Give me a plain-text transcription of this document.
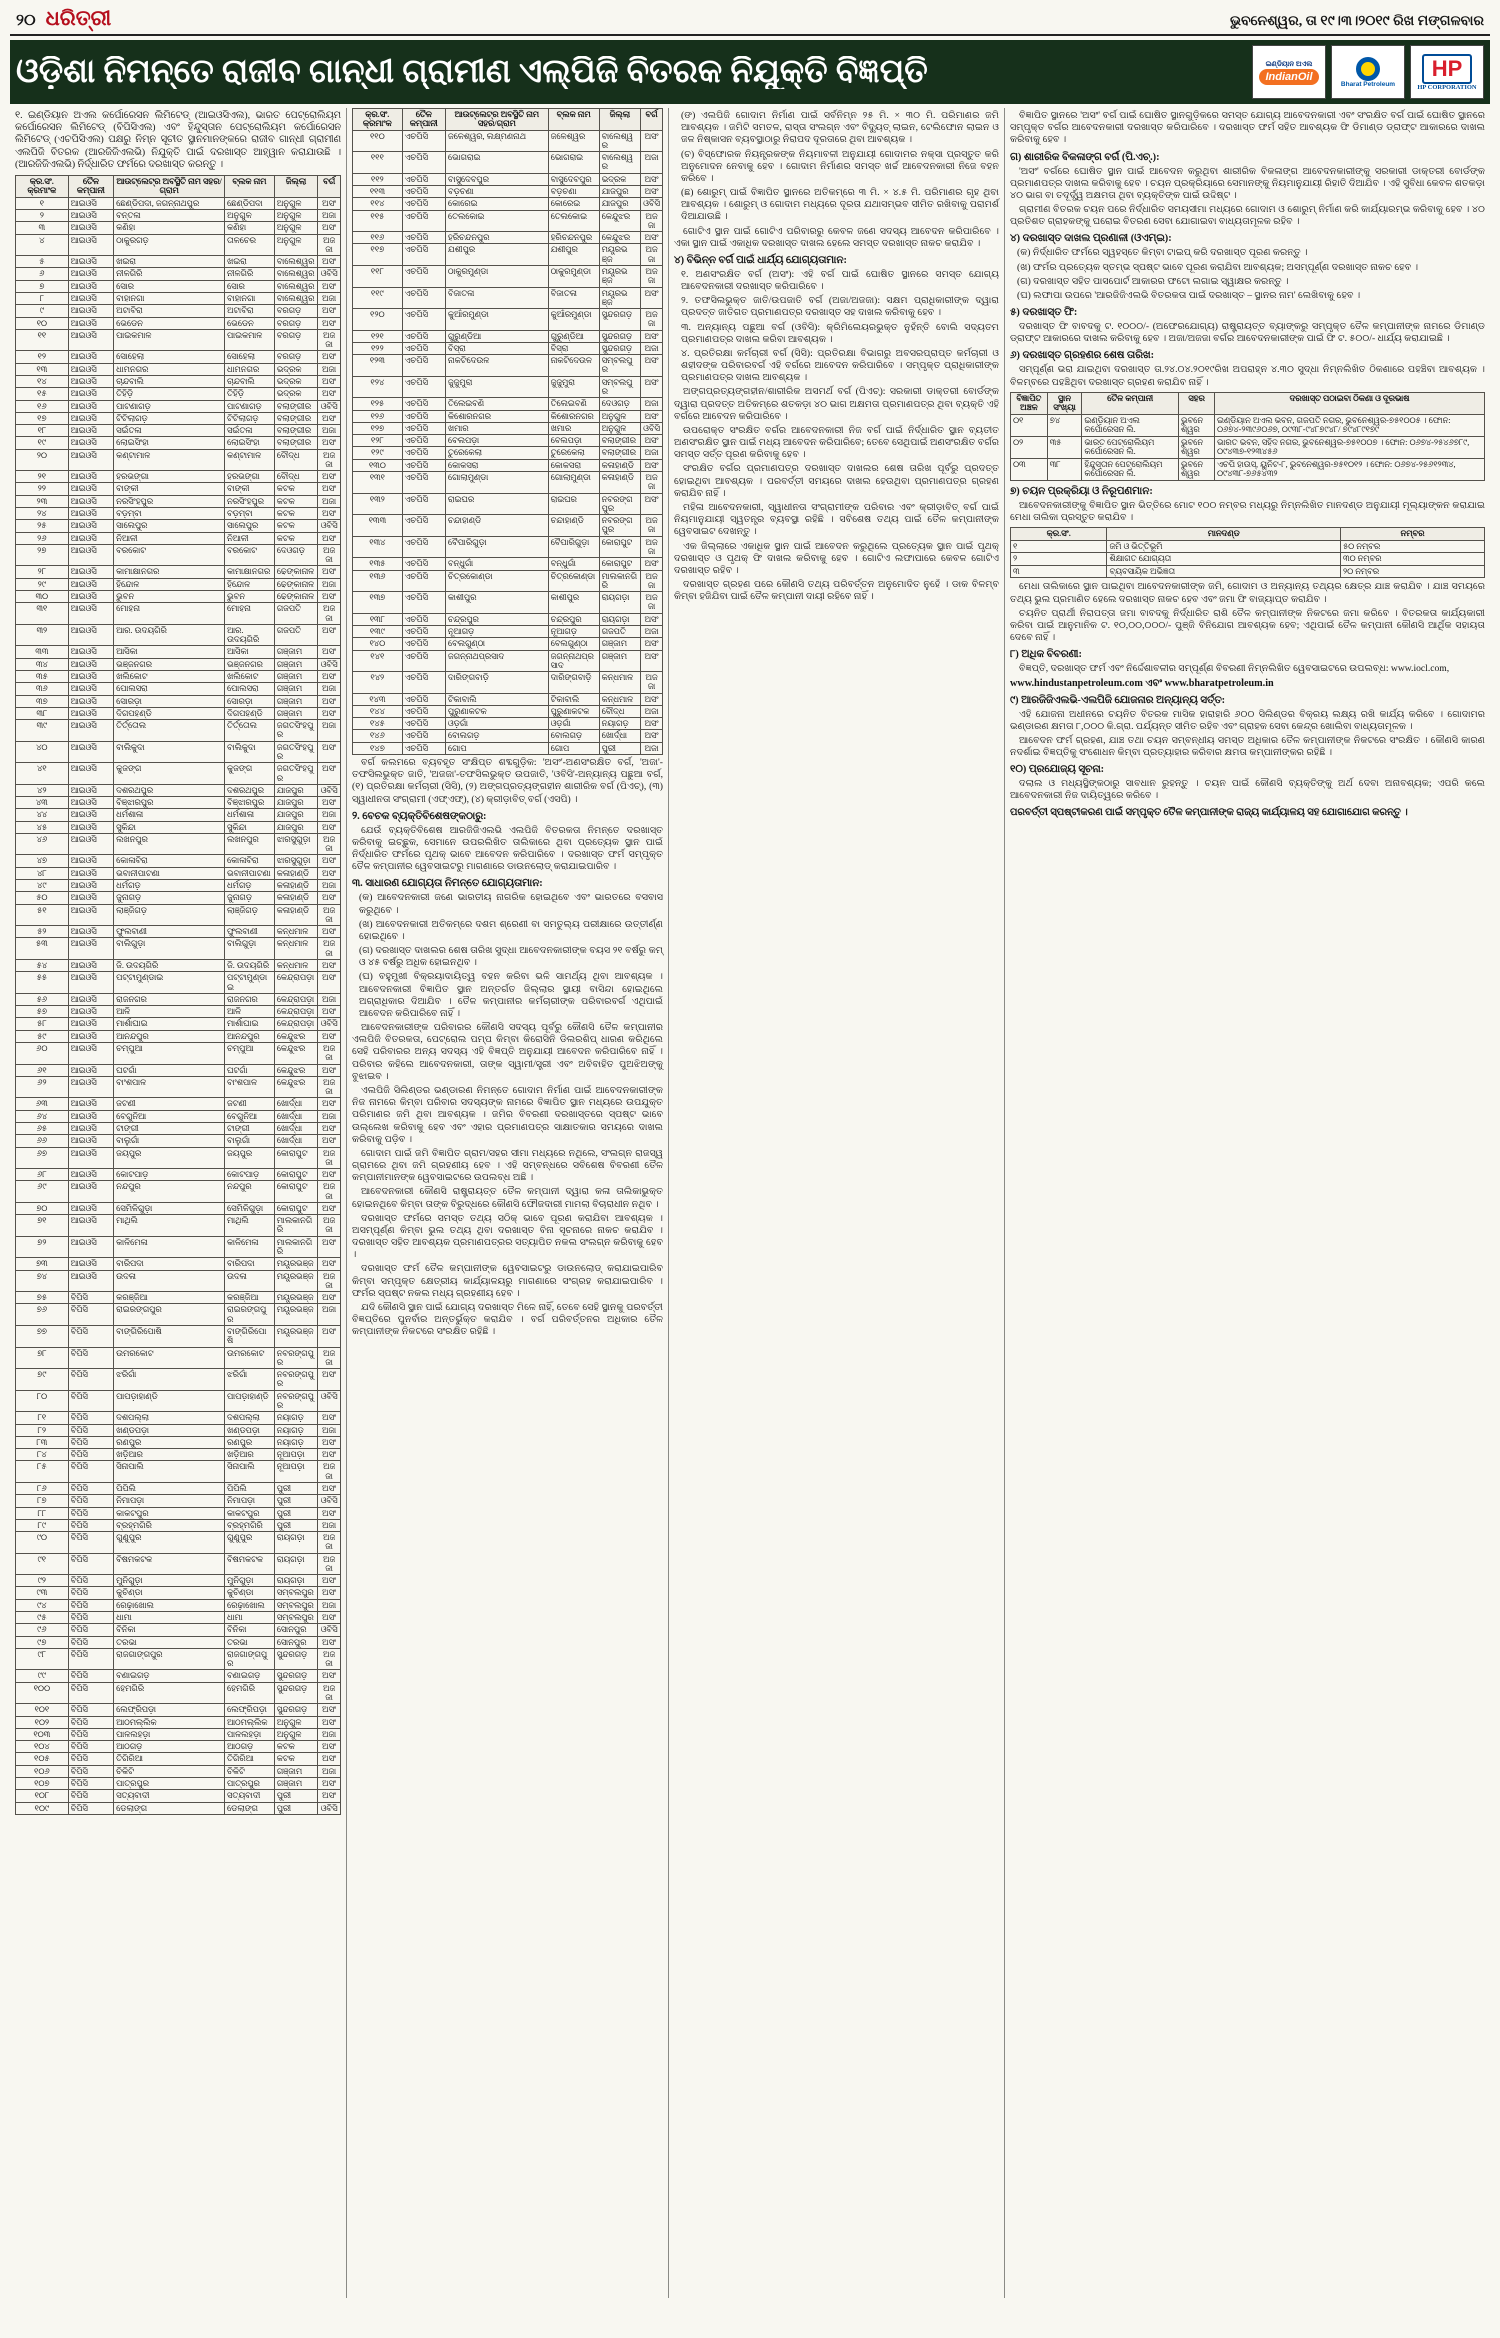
୨୦ ଧରିତ୍ରୀ	ଭୁବନେଶ୍ୱର, ତା ୧୯।୩।୨୦୧୯ ରିଖ ମଙ୍ଗଳବାର
ଓଡ଼ିଶା ନିମନ୍ତେ ରାଜୀବ ଗାନ୍ଧୀ ଗ୍ରାମୀଣ ଏଲ୍‌ପିଜି ବିତରକ ନିଯୁକ୍ତି ବିଜ୍ଞପ୍ତି	ଇଣ୍ଡିୟାନ ଅଏଲ
IndianOil
Bharat Petroleum
HP
HP CORPORATION
୧. ଇଣ୍ଡିୟାନ ଅଏଲ କର୍ପୋରେସନ ଲିମିଟେଡ୍ (ଆଇଓସିଏଲ), ଭାରତ ପେଟ୍ରୋଲିୟମ କର୍ପୋରେସନ ଲିମିଟେଡ୍ (ବିପିସିଏଲ) ଏବଂ ହିନ୍ଦୁସ୍ତାନ ପେଟ୍ରୋଲିୟମ କର୍ପୋରେସନ ଲିମିଟେଡ୍ (ଏଚପିସିଏଲ) ପକ୍ଷରୁ ନିମ୍ନ ସୂଚୀତ ସ୍ଥାନମାନଙ୍କରେ ରାଜୀବ ଗାନ୍ଧୀ ଗ୍ରାମୀଣ ଏଲପିଜି ବିତରକ (ଆରଜିଜିଏଲଭି) ନିଯୁକ୍ତି ପାଇଁ ଦରଖାସ୍ତ ଆହ୍ୱାନ କରାଯାଉଛି । (ଆରଜିଜିଏଲଭି) ନିର୍ଦ୍ଧାରିତ ଫର୍ମରେ ଦରଖାସ୍ତ କରନ୍ତୁ ।
କ୍ର.ସଂ. କ୍ରମାଂକ	ତୈଳ କମ୍ପାନୀ	ଆଉଟ୍‌ଲେଟ୍‌ର ଅବସ୍ଥିତି ନାମ ସହର/ଗ୍ରାମ	ବ୍ଲକ ନାମ	ଜିଲ୍ଲା	ବର୍ଗ
୧	ଆଇଓସି	ଛେଣ୍ଡିପଦା, ଜଗନ୍ନାଥପୁର	ଛେଣ୍ଡିପଦା	ଅନୁଗୁଳ	ଅସଂ
୨	ଆଇଓସି	ବନ୍ତଳା	ଅନୁଗୁଳ	ଅନୁଗୁଳ	ଅଜା
୩	ଆଇଓସି	କଣିହା	କଣିହା	ଅନୁଗୁଳ	ଅସଂ
୪	ଆଇଓସି	ଠାକୁରଗଡ଼	ତାଳଚେର	ଅନୁଗୁଳ	ଅଜଜା
୫	ଆଇଓସି	ଖଇରା	ଖଇରା	ବାଲେଶ୍ୱର	ଅସଂ
୬	ଆଇଓସି	ନୀଳଗିରି	ନୀଳଗିରି	ବାଲେଶ୍ୱର	ଓବିସି
୭	ଆଇଓସି	ସୋର	ସୋର	ବାଲେଶ୍ୱର	ଅସଂ
୮	ଆଇଓସି	ବାହାନଗା	ବାହାନଗା	ବାଲେଶ୍ୱର	ଅଜା
୯	ଆଇଓସି	ଅଟାବିରା	ଅଟାବିରା	ବରଗଡ଼	ଅସଂ
୧୦	ଆଇଓସି	ଭେଡେନ	ଭେଡେନ	ବରଗଡ଼	ଅସଂ
୧୧	ଆଇଓସି	ପାଇକମାଳ	ପାଇକମାଳ	ବରଗଡ଼	ଅଜଜା
୧୨	ଆଇଓସି	ସୋହେଲା	ସୋହେଲା	ବରଗଡ଼	ଅସଂ
୧୩	ଆଇଓସି	ଧାମନଗର	ଧାମନଗର	ଭଦ୍ରକ	ଅଜା
୧୪	ଆଇଓସି	ଚାନ୍ଦବାଲି	ଚାନ୍ଦବାଲି	ଭଦ୍ରକ	ଅସଂ
୧୫	ଆଇଓସି	ତିହିଡ଼ି	ତିହିଡ଼ି	ଭଦ୍ରକ	ଅସଂ
୧୬	ଆଇଓସି	ପାଟଣାଗଡ଼	ପାଟଣାଗଡ଼	ବଲାଙ୍ଗୀର	ଓବିସି
୧୭	ଆଇଓସି	ଟିଟିଲାଗଡ଼	ଟିଟିଲାଗଡ଼	ବଲାଙ୍ଗୀର	ଅସଂ
୧୮	ଆଇଓସି	ସଇଁତଳା	ସଇଁତଳା	ବଲାଙ୍ଗୀର	ଅଜା
୧୯	ଆଇଓସି	ଲୋଇସିଂହା	ଲୋଇସିଂହା	ବଲାଙ୍ଗୀର	ଅସଂ
୨୦	ଆଇଓସି	କଣ୍ଟାମାଳ	କଣ୍ଟାମାଳ	ବୌଦ୍ଧ	ଅଜଜା
୨୧	ଆଇଓସି	ହରଭଙ୍ଗା	ହରଭଙ୍ଗା	ବୌଦ୍ଧ	ଅସଂ
୨୨	ଆଇଓସି	ବାଙ୍କୀ	ବାଙ୍କୀ	କଟକ	ଅସଂ
୨୩	ଆଇଓସି	ନରସିଂହପୁର	ନରସିଂହପୁର	କଟକ	ଅଜା
୨୪	ଆଇଓସି	ବଡ଼ମ୍ବା	ବଡ଼ମ୍ବା	କଟକ	ଅସଂ
୨୫	ଆଇଓସି	ସାଲେପୁର	ସାଲେପୁର	କଟକ	ଓବିସି
୨୬	ଆଇଓସି	ନିଆଳୀ	ନିଆଳୀ	କଟକ	ଅସଂ
୨୭	ଆଇଓସି	ବରକୋଟ	ବରକୋଟ	ଦେଓଗଡ଼	ଅଜଜା
୨୮	ଆଇଓସି	କାମାକ୍ଷାନଗର	କାମାକ୍ଷାନଗର	ଢେଙ୍କାନାଳ	ଅସଂ
୨୯	ଆଇଓସି	ହିନ୍ଦୋଳ	ହିନ୍ଦୋଳ	ଢେଙ୍କାନାଳ	ଅଜା
୩୦	ଆଇଓସି	ଭୁବନ	ଭୁବନ	ଢେଙ୍କାନାଳ	ଅସଂ
୩୧	ଆଇଓସି	ମୋହନା	ମୋହନା	ଗଜପତି	ଅଜଜା
୩୨	ଆଇଓସି	ଆର. ଉଦୟଗିରି	ଆର. ଉଦୟଗିରି	ଗଜପତି	ଅସଂ
୩୩	ଆଇଓସି	ଆସିକା	ଆସିକା	ଗଞ୍ଜାମ	ଅସଂ
୩୪	ଆଇଓସି	ଭଞ୍ଜନଗର	ଭଞ୍ଜନଗର	ଗଞ୍ଜାମ	ଓବିସି
୩୫	ଆଇଓସି	ଖଲିକୋଟ	ଖଲିକୋଟ	ଗଞ୍ଜାମ	ଅସଂ
୩୬	ଆଇଓସି	ପୋଲସରା	ପୋଲସରା	ଗଞ୍ଜାମ	ଅଜା
୩୭	ଆଇଓସି	ସୋରଡ଼ା	ସୋରଡ଼ା	ଗଞ୍ଜାମ	ଅସଂ
୩୮	ଆଇଓସି	ଦିଗପହଣ୍ଡି	ଦିଗପହଣ୍ଡି	ଗଞ୍ଜାମ	ଅସଂ
୩୯	ଆଇଓସି	ତିର୍ତ୍ତୋଲ	ତିର୍ତ୍ତୋଲ	ଜଗତସିଂହପୁର	ଅଜା
୪୦	ଆଇଓସି	ବାଲିକୁଦା	ବାଲିକୁଦା	ଜଗତସିଂହପୁର	ଅସଂ
୪୧	ଆଇଓସି	କୁଜଙ୍ଗ	କୁଜଙ୍ଗ	ଜଗତସିଂହପୁର	ଅସଂ
୪୨	ଆଇଓସି	ଦଶରଥପୁର	ଦଶରଥପୁର	ଯାଜପୁର	ଓବିସି
୪୩	ଆଇଓସି	ବିଞ୍ଝାରପୁର	ବିଞ୍ଝାରପୁର	ଯାଜପୁର	ଅସଂ
୪୪	ଆଇଓସି	ଧର୍ମଶାଳା	ଧର୍ମଶାଳା	ଯାଜପୁର	ଅଜା
୪୫	ଆଇଓସି	ସୁକିନ୍ଦା	ସୁକିନ୍ଦା	ଯାଜପୁର	ଅସଂ
୪୬	ଆଇଓସି	ଲଖନପୁର	ଲଖନପୁର	ଝାରସୁଗୁଡ଼ା	ଅଜଜା
୪୭	ଆଇଓସି	କୋଳାବିରା	କୋଳାବିରା	ଝାରସୁଗୁଡ଼ା	ଅସଂ
୪୮	ଆଇଓସି	ଭବାନୀପାଟଣା	ଭବାନୀପାଟଣା	କଳାହାଣ୍ଡି	ଅସଂ
୪୯	ଆଇଓସି	ଧର୍ମଗଡ଼	ଧର୍ମଗଡ଼	କଳାହାଣ୍ଡି	ଅଜା
୫୦	ଆଇଓସି	ଜୁନାଗଡ଼	ଜୁନାଗଡ଼	କଳାହାଣ୍ଡି	ଅସଂ
୫୧	ଆଇଓସି	ଲାଞ୍ଜିଗଡ଼	ଲାଞ୍ଜିଗଡ଼	କଳାହାଣ୍ଡି	ଅଜଜା
୫୨	ଆଇଓସି	ଫୁଲବାଣୀ	ଫୁଲବାଣୀ	କନ୍ଧମାଳ	ଅସଂ
୫୩	ଆଇଓସି	ବାଲିଗୁଡ଼ା	ବାଲିଗୁଡ଼ା	କନ୍ଧମାଳ	ଅଜଜା
୫୪	ଆଇଓସି	ଜି. ଉଦୟଗିରି	ଜି. ଉଦୟଗିରି	କନ୍ଧମାଳ	ଅସଂ
୫୫	ଆଇଓସି	ପଟ୍ଟାମୁଣ୍ଡାଇ	ପଟ୍ଟାମୁଣ୍ଡାଇ	କେନ୍ଦ୍ରାପଡ଼ା	ଅସଂ
୫୬	ଆଇଓସି	ରାଜନଗର	ରାଜନଗର	କେନ୍ଦ୍ରାପଡ଼ା	ଅଜା
୫୭	ଆଇଓସି	ଆଳି	ଆଳି	କେନ୍ଦ୍ରାପଡ଼ା	ଅସଂ
୫୮	ଆଇଓସି	ମାର୍ଶାଘାଇ	ମାର୍ଶାଘାଇ	କେନ୍ଦ୍ରାପଡ଼ା	ଓବିସି
୫୯	ଆଇଓସି	ଆନନ୍ଦପୁର	ଆନନ୍ଦପୁର	କେନ୍ଦୁଝର	ଅସଂ
୬୦	ଆଇଓସି	ଚମ୍ପୁଆ	ଚମ୍ପୁଆ	କେନ୍ଦୁଝର	ଅଜଜା
୬୧	ଆଇଓସି	ଘଟଗାଁ	ଘଟଗାଁ	କେନ୍ଦୁଝର	ଅସଂ
୬୨	ଆଇଓସି	ବାଂଶପାଳ	ବାଂଶପାଳ	କେନ୍ଦୁଝର	ଅଜଜା
୬୩	ଆଇଓସି	ଜଟଣୀ	ଜଟଣୀ	ଖୋର୍ଦ୍ଧା	ଅସଂ
୬୪	ଆଇଓସି	ବେଗୁନିଆ	ବେଗୁନିଆ	ଖୋର୍ଦ୍ଧା	ଅଜା
୬୫	ଆଇଓସି	ଟାଙ୍ଗୀ	ଟାଙ୍ଗୀ	ଖୋର୍ଦ୍ଧା	ଅସଂ
୬୬	ଆଇଓସି	ବାଲୁଗାଁ	ବାଲୁଗାଁ	ଖୋର୍ଦ୍ଧା	ଅସଂ
୬୭	ଆଇଓସି	ଜୟପୁର	ଜୟପୁର	କୋରାପୁଟ	ଅଜଜା
୬୮	ଆଇଓସି	କୋଟପାଡ଼	କୋଟପାଡ଼	କୋରାପୁଟ	ଅସଂ
୬୯	ଆଇଓସି	ନନ୍ଦପୁର	ନନ୍ଦପୁର	କୋରାପୁଟ	ଅଜଜା
୭୦	ଆଇଓସି	ସେମିଳିଗୁଡ଼ା	ସେମିଳିଗୁଡ଼ା	କୋରାପୁଟ	ଅସଂ
୭୧	ଆଇଓସି	ମାଥିଲି	ମାଥିଲି	ମାଲକାନଗିରି	ଅଜଜା
୭୨	ଆଇଓସି	କାଳିମେଳା	କାଳିମେଳା	ମାଲକାନଗିରି	ଅସଂ
୭୩	ଆଇଓସି	ବାରିପଦା	ବାରିପଦା	ମୟୂରଭଞ୍ଜ	ଅସଂ
୭୪	ଆଇଓସି	ଉଦଳା	ଉଦଳା	ମୟୂରଭଞ୍ଜ	ଅଜଜା
୭୫	ବିପିସି	କରଞ୍ଜିଆ	କରଞ୍ଜିଆ	ମୟୂରଭଞ୍ଜ	ଅସଂ
୭୬	ବିପିସି	ରାଇରଙ୍ଗପୁର	ରାଇରଙ୍ଗପୁର	ମୟୂରଭଞ୍ଜ	ଅଜା
୭୭	ବିପିସି	ବାଙ୍ଗିରିପୋଷି	ବାଙ୍ଗିରିପୋଷି	ମୟୂରଭଞ୍ଜ	ଅସଂ
୭୮	ବିପିସି	ଉମରକୋଟ	ଉମରକୋଟ	ନବରଙ୍ଗପୁର	ଅଜଜା
୭୯	ବିପିସି	ଝରିଗାଁ	ଝରିଗାଁ	ନବରଙ୍ଗପୁର	ଅସଂ
୮୦	ବିପିସି	ପାପଡ଼ାହାଣ୍ଡି	ପାପଡ଼ାହାଣ୍ଡି	ନବରଙ୍ଗପୁର	ଓବିସି
୮୧	ବିପିସି	ଦଶପଲ୍ଲା	ଦଶପଲ୍ଲା	ନୟାଗଡ଼	ଅସଂ
୮୨	ବିପିସି	ଖଣ୍ଡପଡ଼ା	ଖଣ୍ଡପଡ଼ା	ନୟାଗଡ଼	ଅଜା
୮୩	ବିପିସି	ରଣପୁର	ରଣପୁର	ନୟାଗଡ଼	ଅସଂ
୮୪	ବିପିସି	ଖଡ଼ିଆର	ଖଡ଼ିଆର	ନୂଆପଡ଼ା	ଅସଂ
୮୫	ବିପିସି	ସିନାପାଲି	ସିନାପାଲି	ନୂଆପଡ଼ା	ଅଜଜା
୮୬	ବିପିସି	ପିପିଲି	ପିପିଲି	ପୁରୀ	ଅସଂ
୮୭	ବିପିସି	ନିମାପଡ଼ା	ନିମାପଡ଼ା	ପୁରୀ	ଓବିସି
୮୮	ବିପିସି	କାକଟପୁର	କାକଟପୁର	ପୁରୀ	ଅସଂ
୮୯	ବିପିସି	ବ୍ରହ୍ମଗିରି	ବ୍ରହ୍ମଗିରି	ପୁରୀ	ଅଜା
୯୦	ବିପିସି	ଗୁଣୁପୁର	ଗୁଣୁପୁର	ରାୟଗଡ଼ା	ଅଜଜା
୯୧	ବିପିସି	ବିଷମକଟକ	ବିଷମକଟକ	ରାୟଗଡ଼ା	ଅଜଜା
୯୨	ବିପିସି	ମୁନିଗୁଡ଼ା	ମୁନିଗୁଡ଼ା	ରାୟଗଡ଼ା	ଅସଂ
୯୩	ବିପିସି	କୁଚିଣ୍ଡା	କୁଚିଣ୍ଡା	ସମ୍ବଲପୁର	ଅସଂ
୯୪	ବିପିସି	ରେଢ଼ାଖୋଲ	ରେଢ଼ାଖୋଲ	ସମ୍ବଲପୁର	ଅଜା
୯୫	ବିପିସି	ଧାମା	ଧାମା	ସମ୍ବଲପୁର	ଅସଂ
୯୬	ବିପିସି	ବିନିକା	ବିନିକା	ସୋନପୁର	ଓବିସି
୯୭	ବିପିସି	ତରଭା	ତରଭା	ସୋନପୁର	ଅସଂ
୯୮	ବିପିସି	ରାଜଗାଙ୍ଗପୁର	ରାଜଗାଙ୍ଗପୁର	ସୁନ୍ଦରଗଡ଼	ଅଜଜା
୯୯	ବିପିସି	ବଣାଇଗଡ଼	ବଣାଇଗଡ଼	ସୁନ୍ଦରଗଡ଼	ଅସଂ
୧୦୦	ବିପିସି	ହେମଗିରି	ହେମଗିରି	ସୁନ୍ଦରଗଡ଼	ଅଜଜା
୧୦୧	ବିପିସି	ଲେଫ୍ରିପଡ଼ା	ଲେଫ୍ରିପଡ଼ା	ସୁନ୍ଦରଗଡ଼	ଅସଂ
୧୦୨	ବିପିସି	ଆଠମଲ୍ଲିକ	ଆଠମଲ୍ଲିକ	ଅନୁଗୁଳ	ଅସଂ
୧୦୩	ବିପିସି	ପାଳଲହଡ଼ା	ପାଳଲହଡ଼ା	ଅନୁଗୁଳ	ଅଜା
୧୦୪	ବିପିସି	ଆଠଗଡ଼	ଆଠଗଡ଼	କଟକ	ଅସଂ
୧୦୫	ବିପିସି	ତିଗିରିଆ	ତିଗିରିଆ	କଟକ	ଅସଂ
୧୦୬	ବିପିସି	ଚିକିଟି	ଚିକିଟି	ଗଞ୍ଜାମ	ଅଜା
୧୦୭	ବିପିସି	ପାତ୍ରପୁର	ପାତ୍ରପୁର	ଗଞ୍ଜାମ	ଅସଂ
୧୦୮	ବିପିସି	ସତ୍ୟବାଦୀ	ସତ୍ୟବାଦୀ	ପୁରୀ	ଅସଂ
୧୦୯	ବିପିସି	ଡେଲାଙ୍ଗ	ଡେଲାଙ୍ଗ	ପୁରୀ	ଓବିସି
କ୍ର.ସଂ. କ୍ରମାଂକ	ତୈଳ କମ୍ପାନୀ	ଆଉଟ୍‌ଲେଟ୍‌ର ଅବସ୍ଥିତି ନାମ ସହର/ଗ୍ରାମ	ବ୍ଲକ ନାମ	ଜିଲ୍ଲା	ବର୍ଗ
୧୧୦	ଏଚପିସି	ଜଳେଶ୍ୱର, ଲକ୍ଷ୍ମଣନାଥ	ଜଳେଶ୍ୱର	ବାଲେଶ୍ୱର	ଅସଂ
୧୧୧	ଏଚପିସି	ଭୋଗରାଇ	ଭୋଗରାଇ	ବାଲେଶ୍ୱର	ଅଜା
୧୧୨	ଏଚପିସି	ବାସୁଦେବପୁର	ବାସୁଦେବପୁର	ଭଦ୍ରକ	ଅସଂ
୧୧୩	ଏଚପିସି	ବଡ଼ଚଣା	ବଡ଼ଚଣା	ଯାଜପୁର	ଅସଂ
୧୧୪	ଏଚପିସି	କୋରେଇ	କୋରେଇ	ଯାଜପୁର	ଓବିସି
୧୧୫	ଏଚପିସି	ତେଲକୋଇ	ତେଲକୋଇ	କେନ୍ଦୁଝର	ଅଜଜା
୧୧୬	ଏଚପିସି	ହରିଚନ୍ଦନପୁର	ହରିଚନ୍ଦନପୁର	କେନ୍ଦୁଝର	ଅସଂ
୧୧୭	ଏଚପିସି	ଯଶୀପୁର	ଯଶୀପୁର	ମୟୂରଭଞ୍ଜ	ଅଜଜା
୧୧୮	ଏଚପିସି	ଠାକୁରମୁଣ୍ଡା	ଠାକୁରମୁଣ୍ଡା	ମୟୂରଭଞ୍ଜ	ଅଜଜା
୧୧୯	ଏଚପିସି	ବିଜାତଳା	ବିଜାତଳା	ମୟୂରଭଞ୍ଜ	ଅସଂ
୧୨୦	ଏଚପିସି	କୁଆଁରମୁଣ୍ଡା	କୁଆଁରମୁଣ୍ଡା	ସୁନ୍ଦରଗଡ଼	ଅଜଜା
୧୨୧	ଏଚପିସି	ଗୁରୁଣ୍ଡିଆ	ଗୁରୁଣ୍ଡିଆ	ସୁନ୍ଦରଗଡ଼	ଅସଂ
୧୨୨	ଏଚପିସି	ବିସ୍ରା	ବିସ୍ରା	ସୁନ୍ଦରଗଡ଼	ଅଜା
୧୨୩	ଏଚପିସି	ନାକଟିଦେଉଳ	ନାକଟିଦେଉଳ	ସମ୍ବଲପୁର	ଅସଂ
୧୨୪	ଏଚପିସି	ଜୁଜୁମୁରା	ଜୁଜୁମୁରା	ସମ୍ବଲପୁର	ଅସଂ
୧୨୫	ଏଚପିସି	ତିଲେଇବଣି	ତିଲେଇବଣି	ଦେଓଗଡ଼	ଅଜା
୧୨୬	ଏଚପିସି	କିଶୋରନଗର	କିଶୋରନଗର	ଅନୁଗୁଳ	ଅସଂ
୧୨୭	ଏଚପିସି	ଖମାର	ଖମାର	ଅନୁଗୁଳ	ଓବିସି
୧୨୮	ଏଚପିସି	ବେଲପଡ଼ା	ବେଲପଡ଼ା	ବଲାଙ୍ଗୀର	ଅସଂ
୧୨୯	ଏଚପିସି	ତୁରେକେଲା	ତୁରେକେଲା	ବଲାଙ୍ଗୀର	ଅଜା
୧୩୦	ଏଚପିସି	କୋକସରା	କୋକସରା	କଳାହାଣ୍ଡି	ଅସଂ
୧୩୧	ଏଚପିସି	ଗୋଲାମୁଣ୍ଡା	ଗୋଲାମୁଣ୍ଡା	କଳାହାଣ୍ଡି	ଅଜଜା
୧୩୨	ଏଚପିସି	ରାଇଘର	ରାଇଘର	ନବରଙ୍ଗପୁର	ଅସଂ
୧୩୩	ଏଚପିସି	ଚନ୍ଦାହାଣ୍ଡି	ଚନ୍ଦାହାଣ୍ଡି	ନବରଙ୍ଗପୁର	ଅଜଜା
୧୩୪	ଏଚପିସି	ବୈପାରିଗୁଡ଼ା	ବୈପାରିଗୁଡ଼ା	କୋରାପୁଟ	ଅଜଜା
୧୩୫	ଏଚପିସି	ବନ୍ଧୁଗାଁ	ବନ୍ଧୁଗାଁ	କୋରାପୁଟ	ଅସଂ
୧୩୬	ଏଚପିସି	ଚିତ୍ରକୋଣ୍ଡା	ଚିତ୍ରକୋଣ୍ଡା	ମାଲକାନଗିରି	ଅଜଜା
୧୩୭	ଏଚପିସି	କାଶୀପୁର	କାଶୀପୁର	ରାୟଗଡ଼ା	ଅଜଜା
୧୩୮	ଏଚପିସି	ଚନ୍ଦ୍ରପୁର	ଚନ୍ଦ୍ରପୁର	ରାୟଗଡ଼ା	ଅସଂ
୧୩୯	ଏଚପିସି	ନୂଆଗଡ଼	ନୂଆଗଡ଼	ଗଜପତି	ଅଜା
୧୪୦	ଏଚପିସି	ବେଲଗୁଣ୍ଠା	ବେଲଗୁଣ୍ଠା	ଗଞ୍ଜାମ	ଅସଂ
୧୪୧	ଏଚପିସି	ଜଗନ୍ନାଥପ୍ରସାଦ	ଜଗନ୍ନାଥପ୍ରସାଦ	ଗଞ୍ଜାମ	ଅସଂ
୧୪୨	ଏଚପିସି	ଦାରିଙ୍ଗବାଡ଼ି	ଦାରିଙ୍ଗବାଡ଼ି	କନ୍ଧମାଳ	ଅଜଜା
୧୪୩	ଏଚପିସି	ଟିକାବାଲି	ଟିକାବାଲି	କନ୍ଧମାଳ	ଅସଂ
୧୪୪	ଏଚପିସି	ପୁରୁଣାକଟକ	ପୁରୁଣାକଟକ	ବୌଦ୍ଧ	ଅଜା
୧୪୫	ଏଚପିସି	ଓଡ଼ଗାଁ	ଓଡ଼ଗାଁ	ନୟାଗଡ଼	ଅସଂ
୧୪୬	ଏଚପିସି	ବୋଲଗଡ଼	ବୋଲଗଡ଼	ଖୋର୍ଦ୍ଧା	ଅସଂ
୧୪୭	ଏଚପିସି	ଗୋପ	ଗୋପ	ପୁରୀ	ଅଜା
ବର୍ଗ କଲମରେ ବ୍ୟବହୃତ ସଂକ୍ଷିପ୍ତ ଶବ୍ଦଗୁଡ଼ିକ: 'ଅସଂ'-ଅଣସଂରକ୍ଷିତ ବର୍ଗ, 'ଅଜା'-ତଫସିଲଭୁକ୍ତ ଜାତି, 'ଅଜଜା'-ତଫସିଲଭୁକ୍ତ ଉପଜାତି, 'ଓବିସି'-ଅନ୍ୟାନ୍ୟ ପଛୁଆ ବର୍ଗ, (୧) ପ୍ରତିରକ୍ଷା କର୍ମଚାରୀ (ସିସି), (୨) ଅଙ୍ଗପ୍ରତ୍ୟଙ୍ଗହୀନ ଶାରୀରିକ ବର୍ଗ (ପିଏଚ୍), (୩) ସ୍ୱାଧୀନତା ସଂଗ୍ରାମୀ (ଏଫ୍‌ଏଫ୍), (୪) କ୍ରୀଡ଼ାବିତ୍ ବର୍ଗ (ଏସପି) ।
୨. ବେଚକ ବ୍ୟକ୍ତିବିଶେଷଙ୍କଠାରୁ:
ଯେଉଁ ବ୍ୟକ୍ତିବିଶେଷ ଆରଜିଜିଏଲଭି ଏଲପିଜି ବିତରକତା ନିମନ୍ତେ ଦରଖାସ୍ତ କରିବାକୁ ଇଚ୍ଛୁକ, ସେମାନେ ଉପରଲିଖିତ ତାଲିକାରେ ଥିବା ପ୍ରତ୍ୟେକ ସ୍ଥାନ ପାଇଁ ନିର୍ଦ୍ଧାରିତ ଫର୍ମରେ ପୃଥକ୍ ଭାବେ ଆବେଦନ କରିପାରିବେ । ଦରଖାସ୍ତ ଫର୍ମ ସମ୍ପୃକ୍ତ ତୈଳ କମ୍ପାନୀର ୱେବସାଇଟରୁ ମାଗଣାରେ ଡାଉନଲୋଡ୍ କରାଯାଇପାରିବ ।
୩. ସାଧାରଣ ଯୋଗ୍ୟତା ନିମନ୍ତେ ଯୋଗ୍ୟତାମାନ:
(କ) ଆବେଦନକାରୀ ଜଣେ ଭାରତୀୟ ନାଗରିକ ହୋଇଥିବେ ଏବଂ ଭାରତରେ ବସବାସ କରୁଥିବେ ।
(ଖ) ଆବେଦନକାରୀ ଅତିକମ୍‌ରେ ଦଶମ ଶ୍ରେଣୀ ବା ସମତୁଲ୍ୟ ପରୀକ୍ଷାରେ ଉତ୍ତୀର୍ଣ୍ଣ ହୋଇଥିବେ ।
(ଗ) ଦରଖାସ୍ତ ଦାଖଲର ଶେଷ ତାରିଖ ସୁଦ୍ଧା ଆବେଦନକାରୀଙ୍କ ବୟସ ୨୧ ବର୍ଷରୁ କମ୍ ଓ ୪୫ ବର୍ଷରୁ ଅଧିକ ହୋଇନଥିବ ।
(ଘ) ବହୁମୁଖୀ ବିକ୍ରୟାଦାୟିତ୍ୱ ବହନ କରିବା ଭଳି ସାମର୍ଥ୍ୟ ଥିବା ଆବଶ୍ୟକ । ଆବେଦନକାରୀ ବିଜ୍ଞାପିତ ସ୍ଥାନ ଅନ୍ତର୍ଗତ ଜିଲ୍ଲାର ସ୍ଥାୟୀ ବାସିନ୍ଦା ହୋଇଥିଲେ ଅଗ୍ରାଧିକାର ଦିଆଯିବ । ତୈଳ କମ୍ପାନୀର କର୍ମଚାରୀଙ୍କ ପରିବାରବର୍ଗ ଏଥିପାଇଁ ଆବେଦନ କରିପାରିବେ ନାହିଁ ।
ଆବେଦନକାରୀଙ୍କ ପରିବାରର କୌଣସି ସଦସ୍ୟ ପୂର୍ବରୁ କୌଣସି ତୈଳ କମ୍ପାନୀର ଏଲପିଜି ବିତରକତା, ପେଟ୍ରୋଲ ପମ୍ପ କିମ୍ବା କିରୋସିନି ଡିଲରଶିପ୍ ଧାରଣ କରିଥିଲେ ସେହି ପରିବାରର ଅନ୍ୟ ସଦସ୍ୟ ଏହି ବିଜ୍ଞପ୍ତି ଅନୁଯାୟୀ ଆବେଦନ କରିପାରିବେ ନାହିଁ । ପରିବାର କହିଲେ ଆବେଦନକାରୀ, ତାଙ୍କ ସ୍ୱାମୀ/ସ୍ତ୍ରୀ ଏବଂ ଅବିବାହିତ ପୁଅଝିଅଙ୍କୁ ବୁଝାଇବ ।
ଏଲପିଜି ସିଲିଣ୍ଡର ଭଣ୍ଡାରଣ ନିମନ୍ତେ ଗୋଦାମ ନିର୍ମାଣ ପାଇଁ ଆବେଦନକାରୀଙ୍କ ନିଜ ନାମରେ କିମ୍ବା ପରିବାର ସଦସ୍ୟଙ୍କ ନାମରେ ବିଜ୍ଞାପିତ ସ୍ଥାନ ମଧ୍ୟରେ ଉପଯୁକ୍ତ ପରିମାଣର ଜମି ଥିବା ଆବଶ୍ୟକ । ଜମିର ବିବରଣୀ ଦରଖାସ୍ତରେ ସ୍ପଷ୍ଟ ଭାବେ ଉଲ୍ଲେଖ କରିବାକୁ ହେବ ଏବଂ ଏହାର ପ୍ରମାଣପତ୍ର ସାକ୍ଷାତକାର ସମୟରେ ଦାଖଲ କରିବାକୁ ପଡ଼ିବ ।
ଗୋଦାମ ପାଇଁ ଜମି ବିଜ୍ଞାପିତ ଗ୍ରାମ/ସହର ସୀମା ମଧ୍ୟରେ ନଥିଲେ, ସଂଲଗ୍ନ ରାଜସ୍ୱ ଗ୍ରାମରେ ଥିବା ଜମି ଗ୍ରହଣୀୟ ହେବ । ଏହି ସମ୍ବନ୍ଧରେ ସବିଶେଷ ବିବରଣୀ ତୈଳ କମ୍ପାନୀମାନଙ୍କ ୱେବସାଇଟରେ ଉପଲବ୍ଧ ଅଛି ।
ଆବେଦନକାରୀ କୌଣସି ରାଷ୍ଟ୍ରାୟତ୍ତ ତୈଳ କମ୍ପାନୀ ଦ୍ୱାରା କଳା ତାଲିକାଭୁକ୍ତ ହୋଇନଥିବେ କିମ୍ବା ତାଙ୍କ ବିରୁଦ୍ଧରେ କୌଣସି ଫୌଜଦାରୀ ମାମଲା ବିଚାରାଧୀନ ନଥିବ ।
ଦରଖାସ୍ତ ଫର୍ମରେ ସମସ୍ତ ତଥ୍ୟ ସଠିକ୍ ଭାବେ ପୂରଣ କରାଯିବା ଆବଶ୍ୟକ । ଅସମ୍ପୂର୍ଣ୍ଣ କିମ୍ବା ଭୁଲ ତଥ୍ୟ ଥିବା ଦରଖାସ୍ତ ବିନା ସୂଚନାରେ ନାକଚ କରାଯିବ । ଦରଖାସ୍ତ ସହିତ ଆବଶ୍ୟକ ପ୍ରମାଣପତ୍ରର ସତ୍ୟାପିତ ନକଲ ସଂଲଗ୍ନ କରିବାକୁ ହେବ ।
ଦରଖାସ୍ତ ଫର୍ମ ତୈଳ କମ୍ପାନୀଙ୍କ ୱେବସାଇଟରୁ ଡାଉନଲୋଡ୍ କରାଯାଇପାରିବ କିମ୍ବା ସମ୍ପୃକ୍ତ କ୍ଷେତ୍ରୀୟ କାର୍ଯ୍ୟାଳୟରୁ ମାଗଣାରେ ସଂଗ୍ରହ କରାଯାଇପାରିବ । ଫର୍ମର ସ୍ପଷ୍ଟ ନକଲ ମଧ୍ୟ ଗ୍ରହଣୀୟ ହେବ ।
ଯଦି କୌଣସି ସ୍ଥାନ ପାଇଁ ଯୋଗ୍ୟ ଦରଖାସ୍ତ ମିଳେ ନାହିଁ, ତେବେ ସେହି ସ୍ଥାନକୁ ପରବର୍ତ୍ତୀ ବିଜ୍ଞପ୍ତିରେ ପୁନର୍ବାର ଅନ୍ତର୍ଭୁକ୍ତ କରାଯିବ । ବର୍ଗ ପରିବର୍ତ୍ତନର ଅଧିକାର ତୈଳ କମ୍ପାନୀଙ୍କ ନିକଟରେ ସଂରକ୍ଷିତ ରହିଛି ।
(ଙ) ଏଲପିଜି ଗୋଦାମ ନିର୍ମାଣ ପାଇଁ ସର୍ବନିମ୍ନ ୨୫ ମି. × ୩୦ ମି. ପରିମାଣର ଜମି ଆବଶ୍ୟକ । ଜମିଟି ସମତଳ, ରାସ୍ତା ସଂଲଗ୍ନ ଏବଂ ବିଦ୍ୟୁତ୍ ଲାଇନ, ଟେଲିଫୋନ ଲାଇନ ଓ ଜଳ ନିଷ୍କାସନ ବ୍ୟବସ୍ଥାଠାରୁ ନିରାପଦ ଦୂରତାରେ ଥିବା ଆବଶ୍ୟକ ।
(ଚ) ବିସ୍ଫୋରକ ନିୟନ୍ତ୍ରକଙ୍କ ନିୟମାବଳୀ ଅନୁଯାୟୀ ଗୋଦାମର ନକ୍ସା ପ୍ରସ୍ତୁତ କରି ଅନୁମୋଦନ ନେବାକୁ ହେବ । ଗୋଦାମ ନିର୍ମାଣର ସମସ୍ତ ଖର୍ଚ୍ଚ ଆବେଦନକାରୀ ନିଜେ ବହନ କରିବେ ।
(ଛ) ଶୋରୁମ୍ ପାଇଁ ବିଜ୍ଞାପିତ ସ୍ଥାନରେ ଅତିକମ୍‌ରେ ୩ ମି. × ୪.୫ ମି. ପରିମାଣର ଗୃହ ଥିବା ଆବଶ୍ୟକ । ଶୋରୁମ୍ ଓ ଗୋଦାମ ମଧ୍ୟରେ ଦୂରତା ଯଥାସମ୍ଭବ ସୀମିତ ରଖିବାକୁ ପରାମର୍ଶ ଦିଆଯାଉଛି ।
ଗୋଟିଏ ସ୍ଥାନ ପାଇଁ ଗୋଟିଏ ପରିବାରରୁ କେବଳ ଜଣେ ସଦସ୍ୟ ଆବେଦନ କରିପାରିବେ । ଏକା ସ୍ଥାନ ପାଇଁ ଏକାଧିକ ଦରଖାସ୍ତ ଦାଖଲ ହେଲେ ସମସ୍ତ ଦରଖାସ୍ତ ନାକଚ କରାଯିବ ।
୪) ବିଭିନ୍ନ ବର୍ଗ ପାଇଁ ଧାର୍ଯ୍ୟ ଯୋଗ୍ୟତାମାନ:
୧. ଅଣସଂରକ୍ଷିତ ବର୍ଗ (ଅସଂ): ଏହି ବର୍ଗ ପାଇଁ ଘୋଷିତ ସ୍ଥାନରେ ସମସ୍ତ ଯୋଗ୍ୟ ଆବେଦନକାରୀ ଦରଖାସ୍ତ କରିପାରିବେ ।
୨. ତଫସିଲଭୁକ୍ତ ଜାତି/ଉପଜାତି ବର୍ଗ (ଅଜା/ଅଜଜା): ସକ୍ଷମ ପ୍ରାଧିକାରୀଙ୍କ ଦ୍ୱାରା ପ୍ରଦତ୍ତ ଜାତିଗତ ପ୍ରମାଣପତ୍ର ଦରଖାସ୍ତ ସହ ଦାଖଲ କରିବାକୁ ହେବ ।
୩. ଅନ୍ୟାନ୍ୟ ପଛୁଆ ବର୍ଗ (ଓବିସି): କ୍ରିମିଲେୟରଭୁକ୍ତ ନୁହଁନ୍ତି ବୋଲି ସଦ୍ୟତମ ପ୍ରମାଣପତ୍ର ଦାଖଲ କରିବା ଆବଶ୍ୟକ ।
୪. ପ୍ରତିରକ୍ଷା କର୍ମଚାରୀ ବର୍ଗ (ସିସି): ପ୍ରତିରକ୍ଷା ବିଭାଗରୁ ଅବସରପ୍ରାପ୍ତ କର୍ମଚାରୀ ଓ ଶହୀଦଙ୍କ ପରିବାରବର୍ଗ ଏହି ବର୍ଗରେ ଆବେଦନ କରିପାରିବେ । ସମ୍ପୃକ୍ତ ପ୍ରାଧିକାରୀଙ୍କ ପ୍ରମାଣପତ୍ର ଦାଖଲ ଆବଶ୍ୟକ ।
ଅଙ୍ଗପ୍ରତ୍ୟଙ୍ଗହୀନ/ଶାରୀରିକ ଅସମର୍ଥ ବର୍ଗ (ପିଏଚ୍): ସରକାରୀ ଡାକ୍ତରୀ ବୋର୍ଡଙ୍କ ଦ୍ୱାରା ପ୍ରଦତ୍ତ ଅତିକମ୍‌ରେ ଶତକଡ଼ା ୪୦ ଭାଗ ଅକ୍ଷମତା ପ୍ରମାଣପତ୍ର ଥିବା ବ୍ୟକ୍ତି ଏହି ବର୍ଗରେ ଆବେଦନ କରିପାରିବେ ।
ଉପରୋକ୍ତ ସଂରକ୍ଷିତ ବର୍ଗର ଆବେଦନକାରୀ ନିଜ ବର୍ଗ ପାଇଁ ନିର୍ଦ୍ଧାରିତ ସ୍ଥାନ ବ୍ୟତୀତ ଅଣସଂରକ୍ଷିତ ସ୍ଥାନ ପାଇଁ ମଧ୍ୟ ଆବେଦନ କରିପାରିବେ; ତେବେ ସେଥିପାଇଁ ଅଣସଂରକ୍ଷିତ ବର୍ଗର ସମସ୍ତ ସର୍ତ୍ତ ପୂରଣ କରିବାକୁ ହେବ ।
ସଂରକ୍ଷିତ ବର୍ଗର ପ୍ରମାଣପତ୍ର ଦରଖାସ୍ତ ଦାଖଲର ଶେଷ ତାରିଖ ପୂର୍ବରୁ ପ୍ରଦତ୍ତ ହୋଇଥିବା ଆବଶ୍ୟକ । ପରବର୍ତ୍ତୀ ସମୟରେ ଦାଖଲ ହେଉଥିବା ପ୍ରମାଣପତ୍ର ଗ୍ରହଣ କରାଯିବ ନାହିଁ ।
ମହିଳା ଆବେଦନକାରୀ, ସ୍ୱାଧୀନତା ସଂଗ୍ରାମୀଙ୍କ ପରିବାର ଏବଂ କ୍ରୀଡ଼ାବିତ୍ ବର୍ଗ ପାଇଁ ନିୟମାନୁଯାୟୀ ସ୍ୱତନ୍ତ୍ର ବ୍ୟବସ୍ଥା ରହିଛି । ସବିଶେଷ ତଥ୍ୟ ପାଇଁ ତୈଳ କମ୍ପାନୀଙ୍କ ୱେବସାଇଟ ଦେଖନ୍ତୁ ।
ଏକ ଜିଲ୍ଲାରେ ଏକାଧିକ ସ୍ଥାନ ପାଇଁ ଆବେଦନ କରୁଥିଲେ ପ୍ରତ୍ୟେକ ସ୍ଥାନ ପାଇଁ ପୃଥକ୍ ଦରଖାସ୍ତ ଓ ପୃଥକ୍ ଫି ଦାଖଲ କରିବାକୁ ହେବ । ଗୋଟିଏ ଲଫାପାରେ କେବଳ ଗୋଟିଏ ଦରଖାସ୍ତ ରହିବ ।
ଦରଖାସ୍ତ ଗ୍ରହଣ ପରେ କୌଣସି ତଥ୍ୟ ପରିବର୍ତ୍ତନ ଅନୁମୋଦିତ ନୁହେଁ । ଡାକ ବିଳମ୍ବ କିମ୍ବା ହଜିଯିବା ପାଇଁ ତୈଳ କମ୍ପାନୀ ଦାୟୀ ରହିବେ ନାହିଁ ।
ବିଜ୍ଞାପିତ ସ୍ଥାନରେ 'ଅସଂ' ବର୍ଗ ପାଇଁ ଘୋଷିତ ସ୍ଥାନଗୁଡ଼ିକରେ ସମସ୍ତ ଯୋଗ୍ୟ ଆବେଦନକାରୀ ଏବଂ ସଂରକ୍ଷିତ ବର୍ଗ ପାଇଁ ଘୋଷିତ ସ୍ଥାନରେ ସମ୍ପୃକ୍ତ ବର୍ଗର ଆବେଦନକାରୀ ଦରଖାସ୍ତ କରିପାରିବେ । ଦରଖାସ୍ତ ଫର୍ମ ସହିତ ଆବଶ୍ୟକ ଫି ଡିମାଣ୍ଡ ଡ୍ରାଫ୍ଟ ଆକାରରେ ଦାଖଲ କରିବାକୁ ହେବ ।
ଗ) ଶାରୀରିକ ବିକଳାଙ୍ଗ ବର୍ଗ (ପି.ଏଚ୍.):
'ଅସଂ' ବର୍ଗରେ ଘୋଷିତ ସ୍ଥାନ ପାଇଁ ଆବେଦନ କରୁଥିବା ଶାରୀରିକ ବିକଳାଙ୍ଗ ଆବେଦନକାରୀଙ୍କୁ ସରକାରୀ ଡାକ୍ତରୀ ବୋର୍ଡଙ୍କ ପ୍ରମାଣପତ୍ର ଦାଖଲ କରିବାକୁ ହେବ । ଚୟନ ପ୍ରକ୍ରିୟାରେ ସେମାନଙ୍କୁ ନିୟମାନୁଯାୟୀ ରିହାତି ଦିଆଯିବ । ଏହି ସୁବିଧା କେବଳ ଶତକଡ଼ା ୪୦ ଭାଗ ବା ତଦୂର୍ଦ୍ଧ୍ୱ ଅକ୍ଷମତା ଥିବା ବ୍ୟକ୍ତିଙ୍କ ପାଇଁ ଉଦ୍ଦିଷ୍ଟ ।
ଗ୍ରାମୀଣ ବିତରକ ଚୟନ ପରେ ନିର୍ଦ୍ଧାରିତ ସମୟସୀମା ମଧ୍ୟରେ ଗୋଦାମ ଓ ଶୋରୁମ୍ ନିର୍ମାଣ କରି କାର୍ଯ୍ୟାରମ୍ଭ କରିବାକୁ ହେବ । ୪୦ ପ୍ରତିଶତ ଗ୍ରାହକଙ୍କୁ ଘରୋଇ ବିତରଣ ସେବା ଯୋଗାଇବା ବାଧ୍ୟତାମୂଳକ ରହିବ ।
୪) ଦରଖାସ୍ତ ଦାଖଲ ପ୍ରଣାଳୀ (ଓଏମ୍‌ଇ):
(କ) ନିର୍ଦ୍ଧାରିତ ଫର୍ମରେ ସ୍ୱହସ୍ତେ କିମ୍ବା ଟାଇପ୍ କରି ଦରଖାସ୍ତ ପୂରଣ କରନ୍ତୁ ।
(ଖ) ଫର୍ମର ପ୍ରତ୍ୟେକ ସ୍ତମ୍ଭ ସ୍ପଷ୍ଟ ଭାବେ ପୂରଣ କରାଯିବା ଆବଶ୍ୟକ; ଅସମ୍ପୂର୍ଣ୍ଣ ଦରଖାସ୍ତ ନାକଚ ହେବ ।
(ଗ) ଦରଖାସ୍ତ ସହିତ ପାସପୋର୍ଟ ଆକାରର ଫଟୋ ଲଗାଇ ସ୍ୱାକ୍ଷର କରନ୍ତୁ ।
(ଘ) ଲଫାପା ଉପରେ 'ଆରଜିଜିଏଲଭି ବିତରକତା ପାଇଁ ଦରଖାସ୍ତ – ସ୍ଥାନର ନାମ' ଲେଖିବାକୁ ହେବ ।
୫) ଦରଖାସ୍ତ ଫି:
ଦରଖାସ୍ତ ଫି ବାବଦକୁ ଟ. ୧୦୦୦/- (ଅଫେରଯୋଗ୍ୟ) ରାଷ୍ଟ୍ରାୟତ୍ତ ବ୍ୟାଙ୍କରୁ ସମ୍ପୃକ୍ତ ତୈଳ କମ୍ପାନୀଙ୍କ ନାମରେ ଡିମାଣ୍ଡ ଡ୍ରାଫ୍ଟ ଆକାରରେ ଦାଖଲ କରିବାକୁ ହେବ । ଅଜା/ଅଜଜା ବର୍ଗର ଆବେଦନକାରୀଙ୍କ ପାଇଁ ଫି ଟ. ୫୦୦/- ଧାର୍ଯ୍ୟ କରାଯାଇଛି ।
୬) ଦରଖାସ୍ତ ଗ୍ରହଣର ଶେଷ ତାରିଖ:
ସମ୍ପୂର୍ଣ୍ଣ ଭରା ଯାଇଥିବା ଦରଖାସ୍ତ ତା.୨୪.୦୪.୨୦୧୯ରିଖ ଅପରାହ୍ନ ୪.୩୦ ସୁଦ୍ଧା ନିମ୍ନଲିଖିତ ଠିକଣାରେ ପହଞ୍ଚିବା ଆବଶ୍ୟକ । ବିଳମ୍ବରେ ପହଞ୍ଚିଥିବା ଦରଖାସ୍ତ ଗ୍ରହଣ କରାଯିବ ନାହିଁ ।
ବିଜ୍ଞାପିତ ଅଞ୍ଚଳ	ସ୍ଥାନ ସଂଖ୍ୟା	ତୈଳ କମ୍ପାନୀ	ସହର	ଦରଖାସ୍ତ ପଠାଇବା ଠିକଣା ଓ ଦୂରଭାଷ
୦୧	୭୪	ଇଣ୍ଡିୟାନ ଅଏଲ କର୍ପୋରେସନ ଲି.	ଭୁବନେଶ୍ୱର	ଇଣ୍ଡିୟାନ ଅଏଲ ଭବନ, ଗଜପତି ନଗର, ଭୁବନେଶ୍ୱର-୭୫୧୦୦୫ । ଫୋନ: ୦୬୭୪-୨୩୯୬୦୬୭, ୦୯୩୮-୯୪୮୭୯୪୮/ ୭୯୪୮୯୧୭୯
୦୨	୩୫	ଭାରତ ପେଟ୍ରୋଲିୟମ କର୍ପୋରେସନ ଲି.	ଭୁବନେଶ୍ୱର	ଭାରତ ଭବନ, ସହିଦ ନଗର, ଭୁବନେଶ୍ୱର-୭୫୧୦୦୭ । ଫୋନ: ୦୬୭୪-୨୫୪୬୭୮୯, ୦୯୪୩୭-୧୨୩୪୫୬
୦୩	୩୮	ହିନ୍ଦୁସ୍ତାନ ପେଟ୍ରୋଲିୟମ କର୍ପୋରେସନ ଲି.	ଭୁବନେଶ୍ୱର	ଏଚପି ହାଉସ୍, ୟୁନିଟ-୮, ଭୁବନେଶ୍ୱର-୭୫୧୦୧୨ । ଫୋନ: ୦୬୭୪-୨୫୬୧୨୩୪, ୦୯୪୩୮-୭୬୫୪୩୨
୭) ଚୟନ ପ୍ରକ୍ରିୟା ଓ ନିରୂପଣମାନ:
ଆବେଦନକାରୀଙ୍କୁ ବିଜ୍ଞାପିତ ସ୍ଥାନ ଭିତ୍ତିରେ ମୋଟ ୧୦୦ ନମ୍ବର ମଧ୍ୟରୁ ନିମ୍ନଲିଖିତ ମାନଦଣ୍ଡ ଅନୁଯାୟୀ ମୂଲ୍ୟାଙ୍କନ କରାଯାଇ ମେଧା ତାଲିକା ପ୍ରସ୍ତୁତ କରାଯିବ ।
କ୍ର.ସଂ.	ମାନଦଣ୍ଡ	ନମ୍ବର
୧	ଜମି ଓ ଭିତ୍ତିଭୂମି	୫୦ ନମ୍ବର
୨	ଶିକ୍ଷାଗତ ଯୋଗ୍ୟତା	୩୦ ନମ୍ବର
୩	ବ୍ୟବସାୟିକ ଅଭିଜ୍ଞତା	୨୦ ନମ୍ବର
ମେଧା ତାଲିକାରେ ସ୍ଥାନ ପାଇଥିବା ଆବେଦନକାରୀଙ୍କ ଜମି, ଗୋଦାମ ଓ ଅନ୍ୟାନ୍ୟ ତଥ୍ୟର କ୍ଷେତ୍ର ଯାଞ୍ଚ କରାଯିବ । ଯାଞ୍ଚ ସମୟରେ ତଥ୍ୟ ଭୁଲ ପ୍ରମାଣିତ ହେଲେ ଦରଖାସ୍ତ ନାକଚ ହେବ ଏବଂ ଜମା ଫି ବାଜ୍ୟାପ୍ତ କରାଯିବ ।
ଚୟନିତ ପ୍ରାର୍ଥୀ ନିରାପତ୍ତା ଜମା ବାବଦକୁ ନିର୍ଦ୍ଧାରିତ ରାଶି ତୈଳ କମ୍ପାନୀଙ୍କ ନିକଟରେ ଜମା କରିବେ । ବିତରକତା କାର୍ଯ୍ୟକାରୀ କରିବା ପାଇଁ ଆନୁମାନିକ ଟ. ୧୦,୦୦,୦୦୦/- ପୁଞ୍ଜି ବିନିଯୋଗ ଆବଶ୍ୟକ ହେବ; ଏଥିପାଇଁ ତୈଳ କମ୍ପାନୀ କୌଣସି ଆର୍ଥିକ ସହାୟତା ଦେବେ ନାହିଁ ।
୮) ଅଧିକ ବିବରଣୀ:
ବିଜ୍ଞପ୍ତି, ଦରଖାସ୍ତ ଫର୍ମ ଏବଂ ନିର୍ଦ୍ଦେଶାବଳୀର ସମ୍ପୂର୍ଣ୍ଣ ବିବରଣୀ ନିମ୍ନଲିଖିତ ୱେବସାଇଟରେ ଉପଲବ୍ଧ: www.iocl.com,
www.hindustanpetroleum.com ଏବଂ www.bharatpetroleum.in
୯) ଆରଜିଜିଏଲଭି-ଏଲପିଜି ଯୋଜନାର ଅନ୍ୟାନ୍ୟ ସର୍ତ୍ତ:
ଏହି ଯୋଜନା ଅଧୀନରେ ଚୟନିତ ବିତରକ ମାସିକ ହାରାହାରି ୬୦୦ ସିଲିଣ୍ଡର ବିକ୍ରୟ ଲକ୍ଷ୍ୟ ରଖି କାର୍ଯ୍ୟ କରିବେ । ଗୋଦାମର ଭଣ୍ଡାରଣ କ୍ଷମତା ୮,୦୦୦ କି.ଗ୍ରା. ପର୍ଯ୍ୟନ୍ତ ସୀମିତ ରହିବ ଏବଂ ଗ୍ରାହକ ସେବା କେନ୍ଦ୍ର ଖୋଲିବା ବାଧ୍ୟତାମୂଳକ ।
ଆବେଦନ ଫର୍ମ ଗ୍ରହଣ, ଯାଞ୍ଚ ତଥା ଚୟନ ସମ୍ବନ୍ଧୀୟ ସମସ୍ତ ଅଧିକାର ତୈଳ କମ୍ପାନୀଙ୍କ ନିକଟରେ ସଂରକ୍ଷିତ । କୌଣସି କାରଣ ନଦର୍ଶାଇ ବିଜ୍ଞପ୍ତିକୁ ସଂଶୋଧନ କିମ୍ବା ପ୍ରତ୍ୟାହାର କରିବାର କ୍ଷମତା କମ୍ପାନୀଙ୍କର ରହିଛି ।
୧୦) ପ୍ରଯୋଜ୍ୟ ସୂଚନା:
ଦଲାଲ ଓ ମଧ୍ୟସ୍ଥିଙ୍କଠାରୁ ସାବଧାନ ରୁହନ୍ତୁ । ଚୟନ ପାଇଁ କୌଣସି ବ୍ୟକ୍ତିଙ୍କୁ ଅର୍ଥ ଦେବା ଅନାବଶ୍ୟକ; ଏପରି କଲେ ଆବେଦନକାରୀ ନିଜ ଦାୟିତ୍ୱରେ କରିବେ ।
ପରବର୍ତ୍ତୀ ସ୍ପଷ୍ଟୀକରଣ ପାଇଁ ସମ୍ପୃକ୍ତ ତୈଳ କମ୍ପାନୀଙ୍କ ରାଜ୍ୟ କାର୍ଯ୍ୟାଳୟ ସହ ଯୋଗାଯୋଗ କରନ୍ତୁ ।
